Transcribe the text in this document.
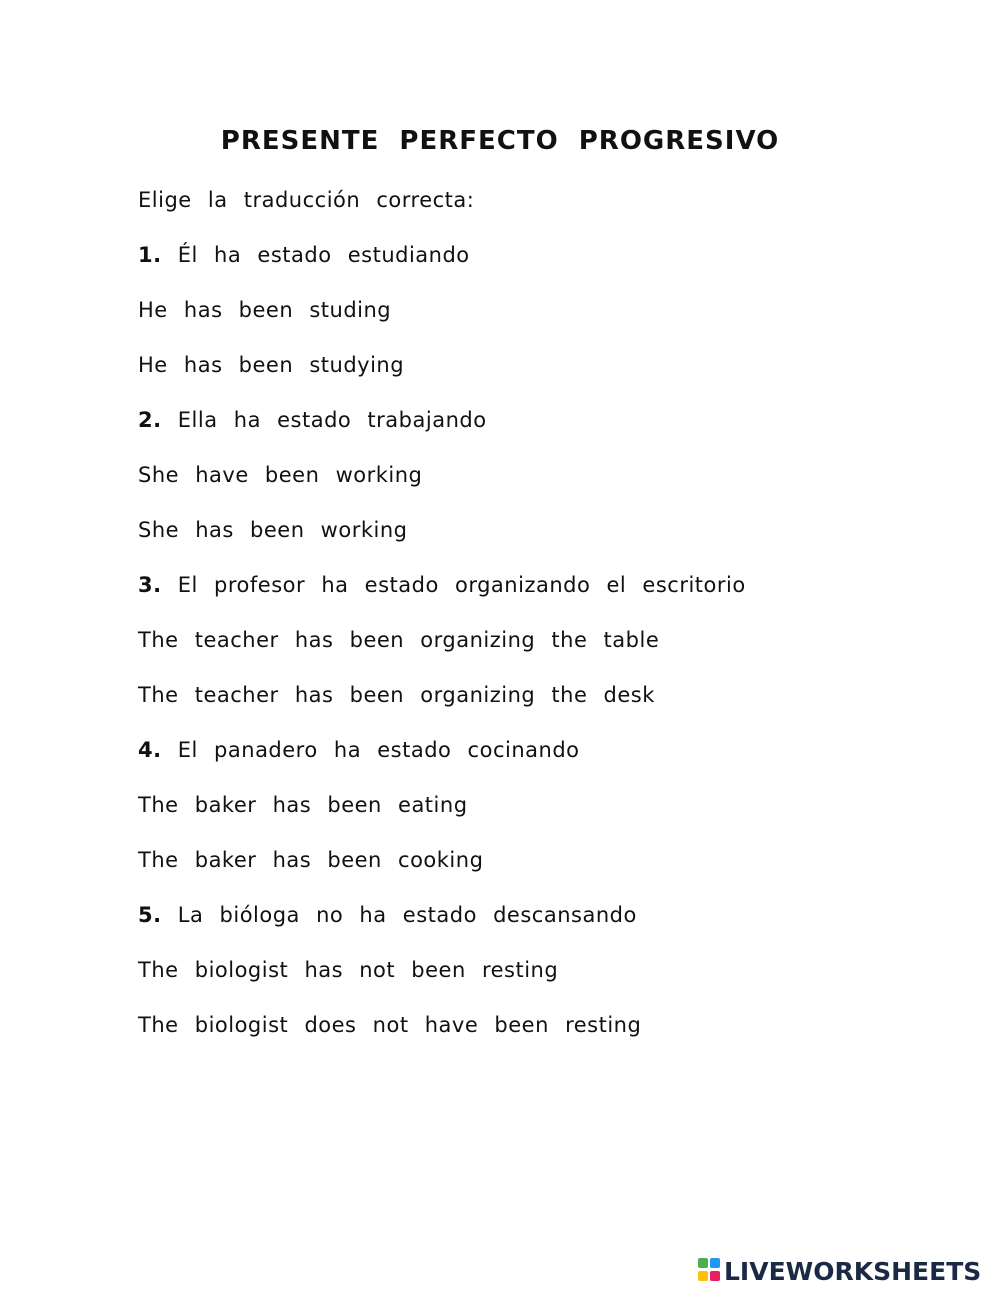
PRESENTE PERFECTO PROGRESIVO
Elige la traducción correcta:
1. Él ha estado estudiando
He has been studing
He has been studying
2. Ella ha estado trabajando
She have been working
She has been working
3. El profesor ha estado organizando el escritorio
The teacher has been organizing the table
The teacher has been organizing the desk
4. El panadero ha estado cocinando
The baker has been eating
The baker has been cooking
5. La bióloga no ha estado descansando
The biologist has not been resting
The biologist does not have been resting
LIVEWORKSHEETS
